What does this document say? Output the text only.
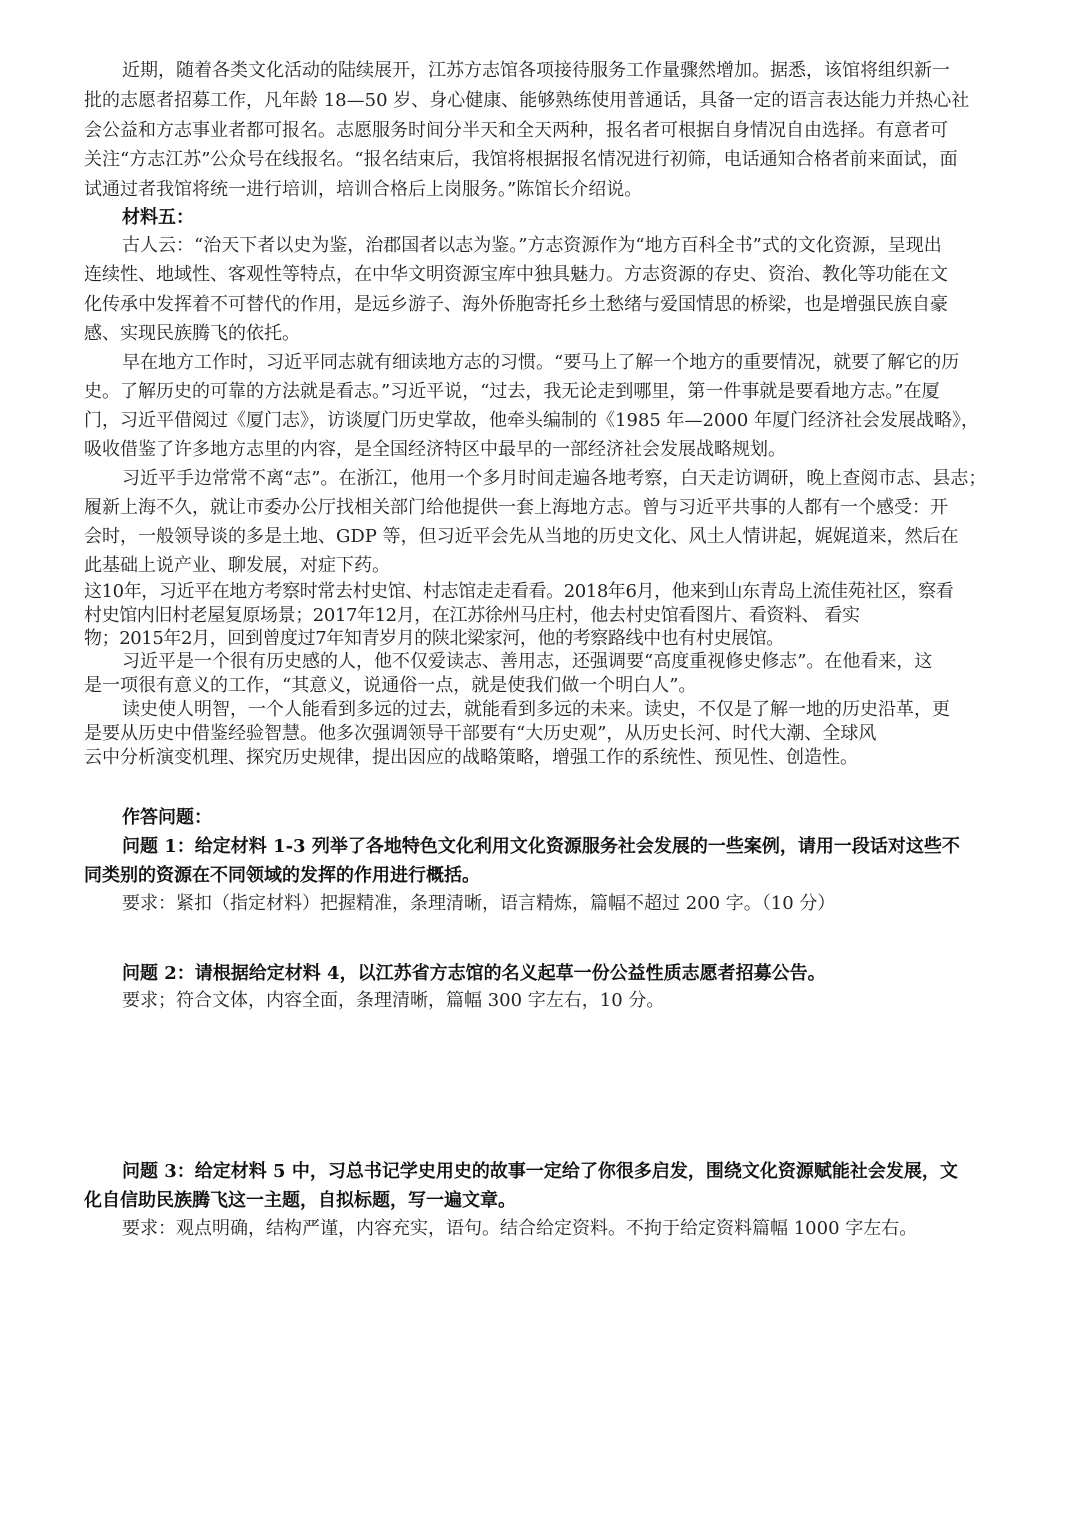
近期，随着各类文化活动的陆续展开，江苏方志馆各项接待服务工作量骤然增加。据悉，该馆将组织新一
批的志愿者招募工作，凡年龄 18—50 岁、身心健康、能够熟练使用普通话，具备一定的语言表达能力并热心社
会公益和方志事业者都可报名。志愿服务时间分半天和全天两种，报名者可根据自身情况自由选择。有意者可
关注“方志江苏”公众号在线报名。“报名结束后，我馆将根据报名情况进行初筛，电话通知合格者前来面试，面
试通过者我馆将统一进行培训，培训合格后上岗服务。”陈馆长介绍说。
材料五：
古人云：“治天下者以史为鉴，治郡国者以志为鉴。”方志资源作为“地方百科全书”式的文化资源，呈现出
连续性、地域性、客观性等特点，在中华文明资源宝库中独具魅力。方志资源的存史、资治、教化等功能在文
化传承中发挥着不可替代的作用，是远乡游子、海外侨胞寄托乡土愁绪与爱国情思的桥梁，也是增强民族自豪
感、实现民族腾飞的依托。
早在地方工作时，习近平同志就有细读地方志的习惯。“要马上了解一个地方的重要情况，就要了解它的历
史。了解历史的可靠的方法就是看志。”习近平说，“过去，我无论走到哪里，第一件事就是要看地方志。”在厦
门，习近平借阅过《厦门志》，访谈厦门历史掌故，他牵头编制的《1985 年—2000 年厦门经济社会发展战略》，
吸收借鉴了许多地方志里的内容，是全国经济特区中最早的一部经济社会发展战略规划。
习近平手边常常不离“志”。在浙江，他用一个多月时间走遍各地考察，白天走访调研，晚上查阅市志、县志；
履新上海不久，就让市委办公厅找相关部门给他提供一套上海地方志。曾与习近平共事的人都有一个感受：开
会时，一般领导谈的多是土地、GDP 等，但习近平会先从当地的历史文化、风土人情讲起，娓娓道来，然后在
此基础上说产业、聊发展，对症下药。
这10年，习近平在地方考察时常去村史馆、村志馆走走看看。2018年6月，他来到山东青岛上流佳苑社区，察看
村史馆内旧村老屋复原场景；2017年12月，在江苏徐州马庄村，他去村史馆看图片、看资料、 看实
物；2015年2月，回到曾度过7年知青岁月的陕北梁家河，他的考察路线中也有村史展馆。
习近平是一个很有历史感的人，他不仅爱读志、善用志，还强调要“高度重视修史修志”。在他看来，这
是一项很有意义的工作，“其意义，说通俗一点，就是使我们做一个明白人”。
读史使人明智，一个人能看到多远的过去，就能看到多远的未来。读史，不仅是了解一地的历史沿革，更
是要从历史中借鉴经验智慧。他多次强调领导干部要有“大历史观”，从历史长河、时代大潮、全球风
云中分析演变机理、探究历史规律，提出因应的战略策略，增强工作的系统性、预见性、创造性。
作答问题：
问题 1：给定材料 1-3 列举了各地特色文化利用文化资源服务社会发展的一些案例，请用一段话对这些不
同类别的资源在不同领域的发挥的作用进行概括。
要求：紧扣（指定材料）把握精准，条理清晰，语言精炼，篇幅不超过 200 字。（10 分）
问题 2：请根据给定材料 4，以江苏省方志馆的名义起草一份公益性质志愿者招募公告。
要求；符合文体，内容全面，条理清晰，篇幅 300 字左右，10 分。
问题 3：给定材料 5 中，习总书记学史用史的故事一定给了你很多启发，围绕文化资源赋能社会发展，文
化自信助民族腾飞这一主题，自拟标题，写一遍文章。
要求：观点明确，结构严谨，内容充实，语句。结合给定资料。不拘于给定资料篇幅 1000 字左右。
